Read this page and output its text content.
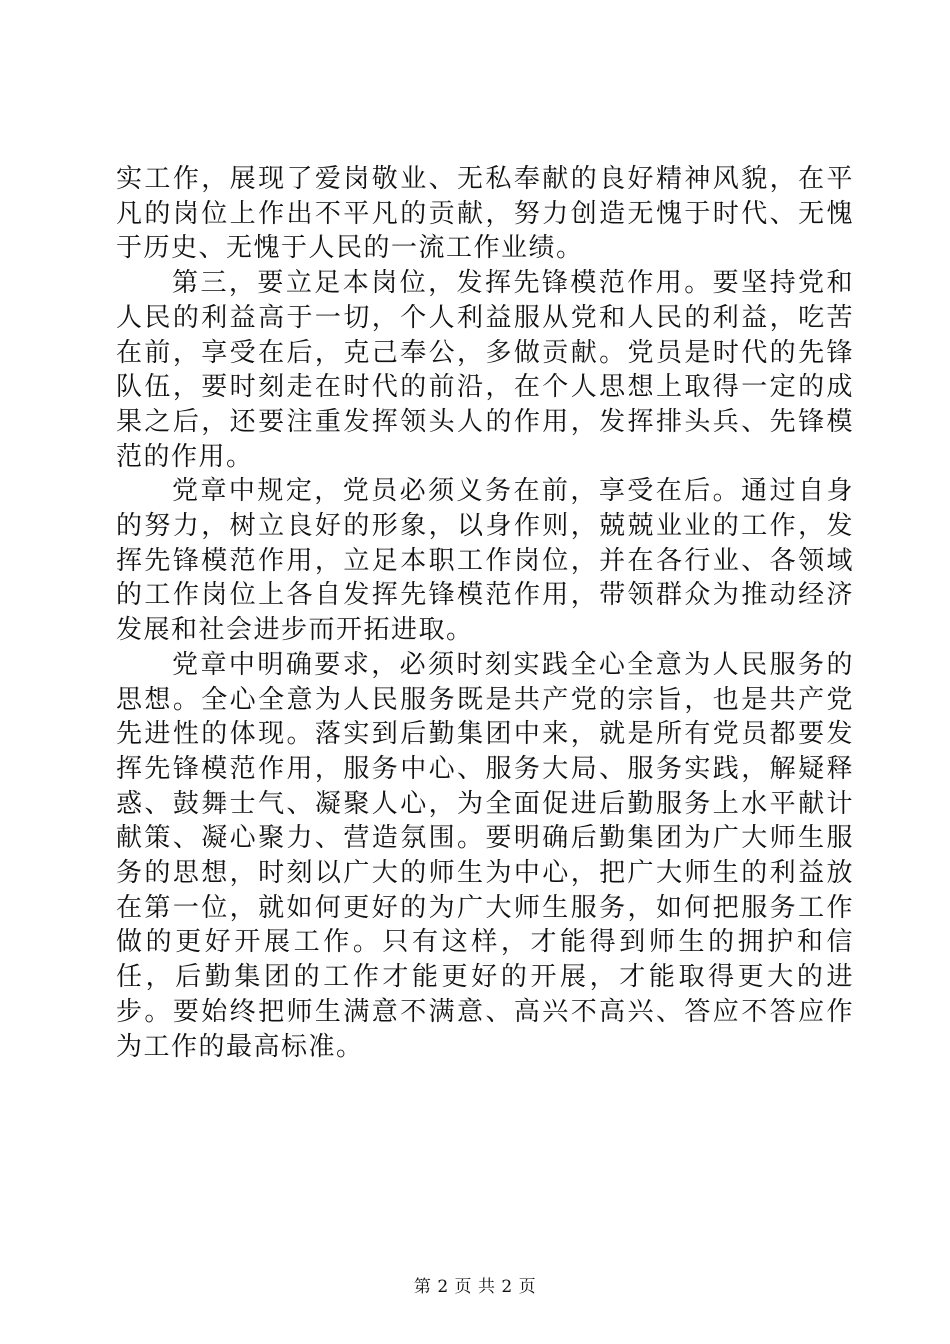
实工作，展现了爱岗敬业、无私奉献的良好精神风貌，在平凡的岗位上作出不平凡的贡献，努力创造无愧于时代、无愧于历史、无愧于人民的一流工作业绩。

第三，要立足本岗位，发挥先锋模范作用。要坚持党和人民的利益高于一切，个人利益服从党和人民的利益，吃苦在前，享受在后，克己奉公，多做贡献。党员是时代的先锋队伍，要时刻走在时代的前沿，在个人思想上取得一定的成果之后，还要注重发挥领头人的作用，发挥排头兵、先锋模范的作用。

党章中规定，党员必须义务在前，享受在后。通过自身的努力，树立良好的形象，以身作则，兢兢业业的工作，发挥先锋模范作用，立足本职工作岗位，并在各行业、各领域的工作岗位上各自发挥先锋模范作用，带领群众为推动经济发展和社会进步而开拓进取。

党章中明确要求，必须时刻实践全心全意为人民服务的思想。全心全意为人民服务既是共产党的宗旨，也是共产党先进性的体现。落实到后勤集团中来，就是所有党员都要发挥先锋模范作用，服务中心、服务大局、服务实践，解疑释惑、鼓舞士气、凝聚人心，为全面促进后勤服务上水平献计献策、凝心聚力、营造氛围。要明确后勤集团为广大师生服务的思想，时刻以广大的师生为中心，把广大师生的利益放在第一位，就如何更好的为广大师生服务，如何把服务工作做的更好开展工作。只有这样，才能得到师生的拥护和信任，后勤集团的工作才能更好的开展，才能取得更大的进步。要始终把师生满意不满意、高兴不高兴、答应不答应作为工作的最高标准。

第 2 页 共 2 页
